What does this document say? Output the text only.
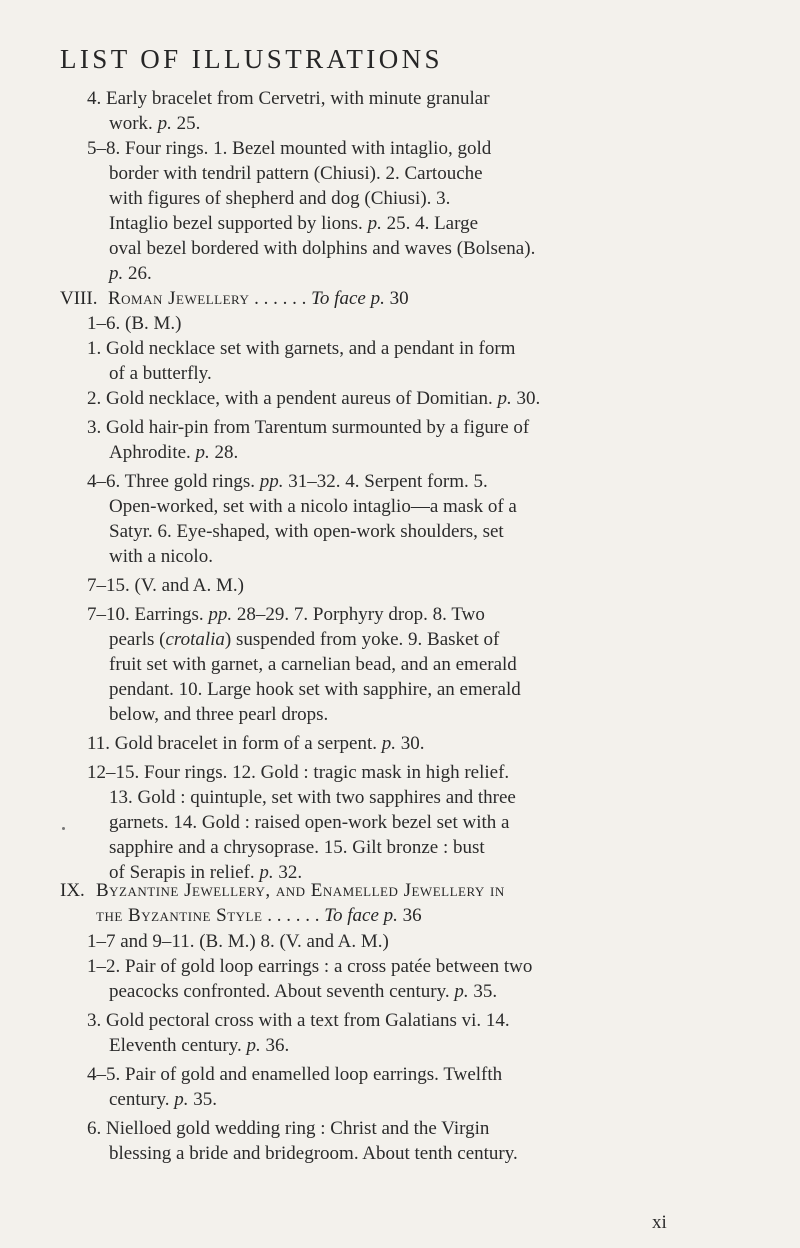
LIST OF ILLUSTRATIONS
4. Early bracelet from Cervetri, with minute granular
work. p. 25.
5–8. Four rings. 1. Bezel mounted with intaglio, gold
border with tendril pattern (Chiusi). 2. Cartouche
with figures of shepherd and dog (Chiusi). 3.
Intaglio bezel supported by lions. p. 25. 4. Large
oval bezel bordered with dolphins and waves (Bolsena).
p. 26.
VIII. Roman Jewellery . . . . . . To face p. 30
1–6. (B. M.)
1. Gold necklace set with garnets, and a pendant in form
of a butterfly.
2. Gold necklace, with a pendent aureus of Domitian. p. 30.
3. Gold hair-pin from Tarentum surmounted by a figure of
Aphrodite. p. 28.
4–6. Three gold rings. pp. 31–32. 4. Serpent form. 5.
Open-worked, set with a nicolo intaglio—a mask of a
Satyr. 6. Eye-shaped, with open-work shoulders, set
with a nicolo.
7–15. (V. and A. M.)
7–10. Earrings. pp. 28–29. 7. Porphyry drop. 8. Two
pearls (crotalia) suspended from yoke. 9. Basket of
fruit set with garnet, a carnelian bead, and an emerald
pendant. 10. Large hook set with sapphire, an emerald
below, and three pearl drops.
11. Gold bracelet in form of a serpent. p. 30.
12–15. Four rings. 12. Gold : tragic mask in high relief.
13. Gold : quintuple, set with two sapphires and three
garnets. 14. Gold : raised open-work bezel set with a
sapphire and a chrysoprase. 15. Gilt bronze : bust
of Serapis in relief. p. 32.
IX. Byzantine Jewellery, and Enamelled Jewellery in
the Byzantine Style . . . . . . To face p. 36
1–7 and 9–11. (B. M.) 8. (V. and A. M.)
1–2. Pair of gold loop earrings : a cross patée between two
peacocks confronted. About seventh century. p. 35.
3. Gold pectoral cross with a text from Galatians vi. 14.
Eleventh century. p. 36.
4–5. Pair of gold and enamelled loop earrings. Twelfth
century. p. 35.
6. Nielloed gold wedding ring : Christ and the Virgin
blessing a bride and bridegroom. About tenth century.
xi
